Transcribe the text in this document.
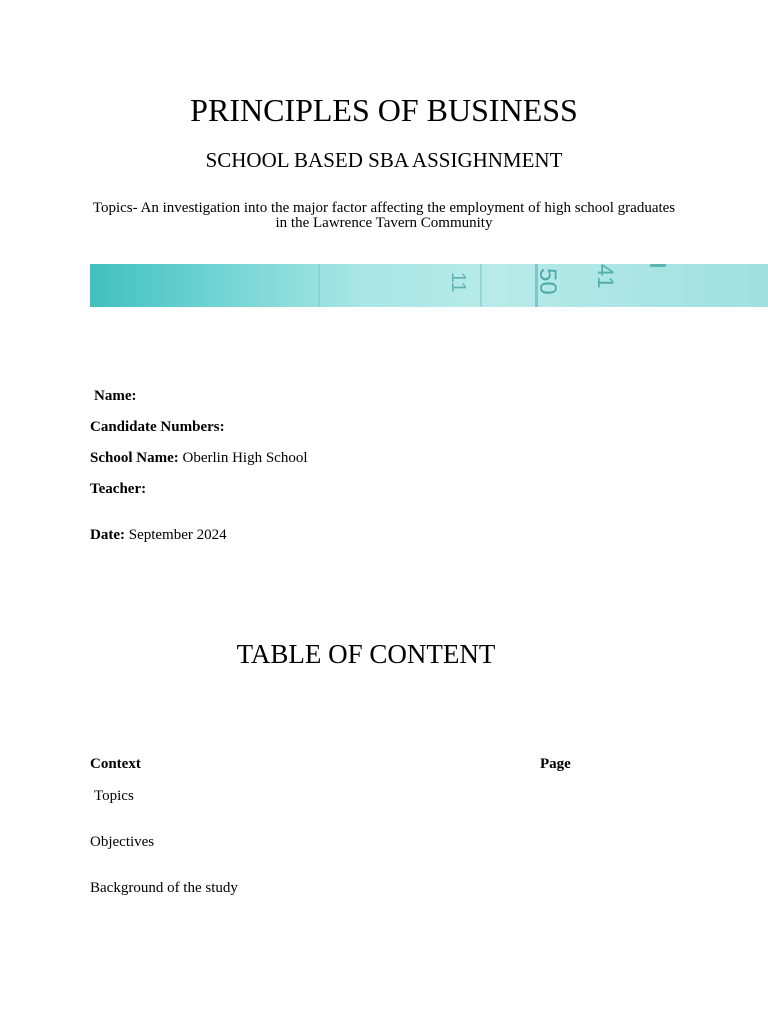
PRINCIPLES OF BUSINESS
SCHOOL BASED SBA ASSIGHNMENT
Topics- An investigation into the major factor affecting the employment of high school graduates
in the Lawrence Tavern Community
11	50 41
Name:
Candidate Numbers:
School Name: Oberlin High School
Teacher:
Date: September 2024
TABLE OF CONTENT
Context	Page
Topics
Objectives
Background of the study
